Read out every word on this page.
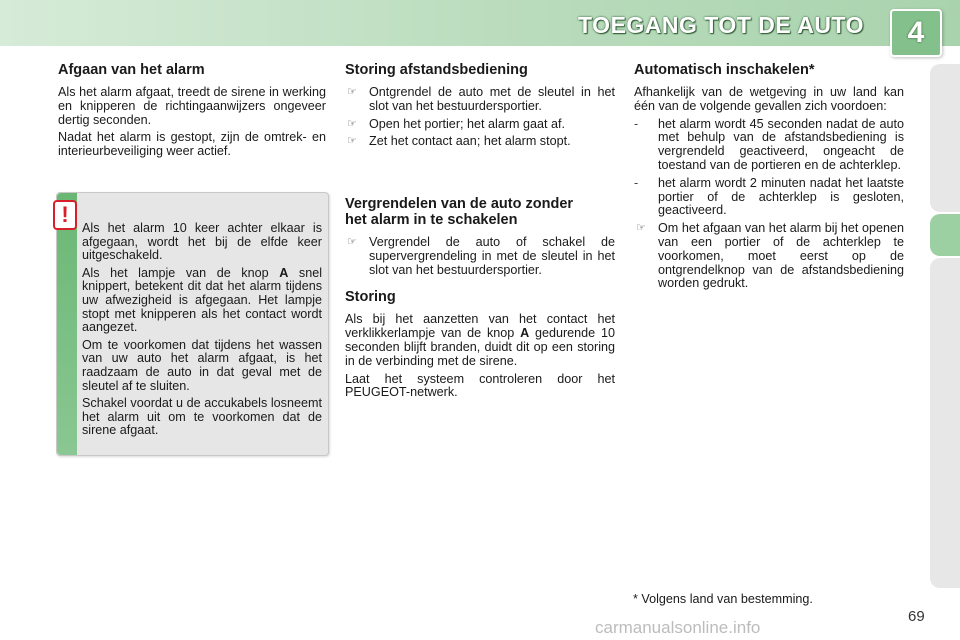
TOEGANG TOT DE AUTO	4
Afgaan van het alarm

Als het alarm afgaat, treedt de sirene in werking en knipperen de richtingaanwijzers ongeveer dertig seconden.

Nadat het alarm is gestopt, zijn de omtrek- en interieurbeveiliging weer actief.

!

Als het alarm 10 keer achter elkaar is afgegaan, wordt het bij de elfde keer uitgeschakeld.

Als het lampje van de knop A snel knippert, betekent dit dat het alarm tijdens uw afwezigheid is afgegaan. Het lampje stopt met knipperen als het contact wordt aangezet.

Om te voorkomen dat tijdens het wassen van uw auto het alarm afgaat, is het raadzaam de auto in dat geval met de sleutel af te sluiten.

Schakel voordat u de accukabels losneemt het alarm uit om te voorkomen dat de sirene afgaat.

Storing afstandsbediening
☞ Ontgrendel de auto met de sleutel in het slot van het bestuurdersportier.
☞ Open het portier; het alarm gaat af.
☞ Zet het contact aan; het alarm stopt.
Vergrendelen van de auto zonder het alarm in te schakelen
☞ Vergrendel de auto of schakel de supervergrendeling in met de sleutel in het slot van het bestuurdersportier.
Storing

Als bij het aanzetten van het contact het verklikkerlampje van de knop A gedurende 10 seconden blijft branden, duidt dit op een storing in de verbinding met de sirene.

Laat het systeem controleren door het PEUGEOT-netwerk.

Automatisch inschakelen*

Afhankelijk van de wetgeving in uw land kan één van de volgende gevallen zich voordoen:

- het alarm wordt 45 seconden nadat de auto met behulp van de afstandsbediening is vergrendeld geactiveerd, ongeacht de toestand van de portieren en de achterklep.
- het alarm wordt 2 minuten nadat het laatste portier of de achterklep is gesloten, geactiveerd.
☞ Om het afgaan van het alarm bij het openen van een portier of de achterklep te voorkomen, moet eerst op de ontgrendelknop van de afstandsbediening worden gedrukt.
* Volgens land van bestemming.
69
carmanualsonline.info
